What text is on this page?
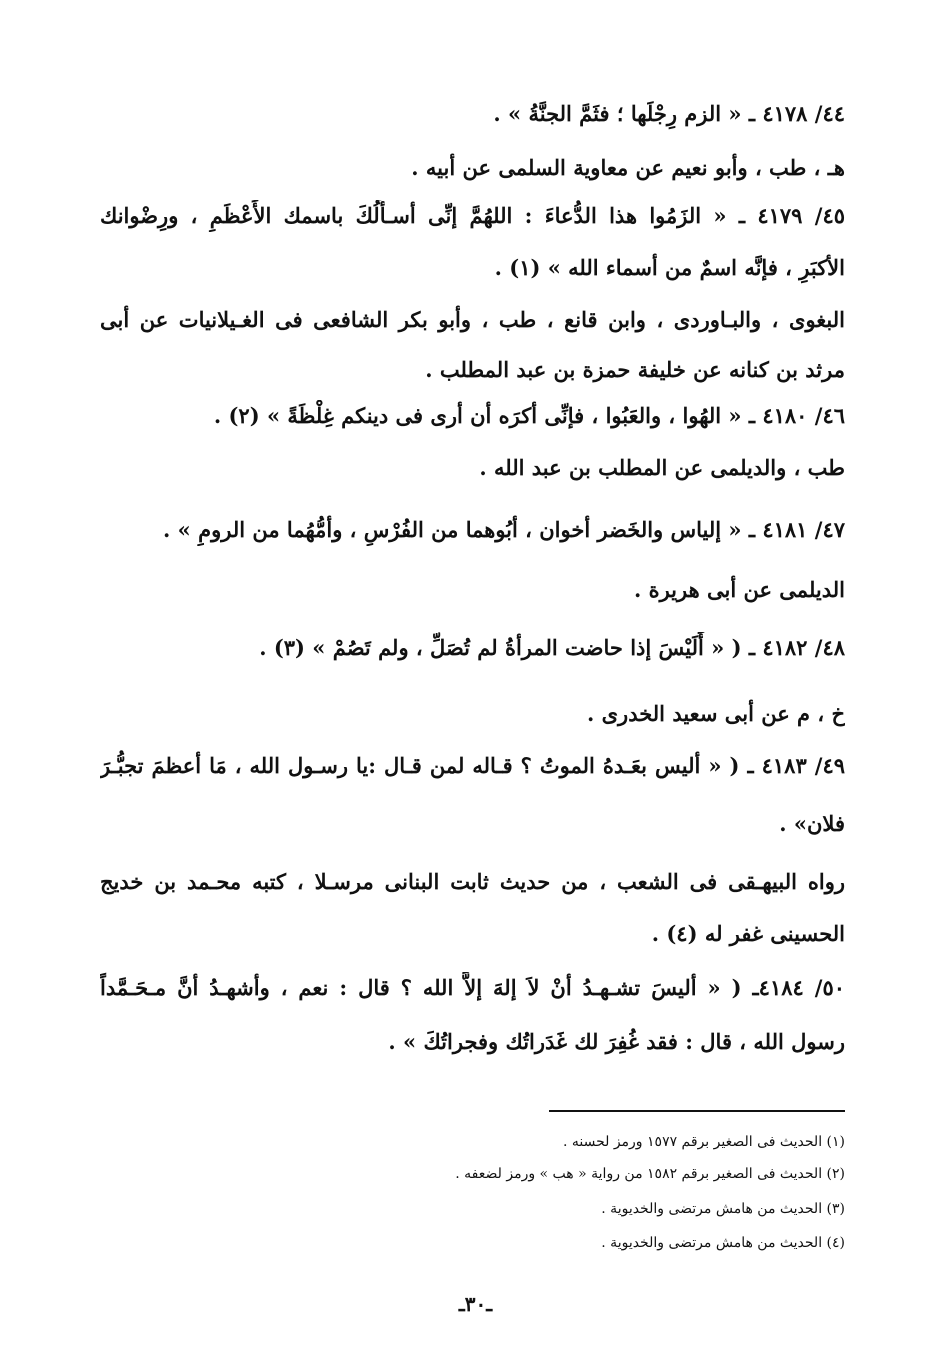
٤٤/ ٤١٧٨ ـ « الزم رِجْلَها ؛ فثَمَّ الجنَّةُ » .
هـ ، طب ، وأبو نعيم عن معاوية السلمى عن أبيه .
٤٥/ ٤١٧٩ ـ « الزَمُوا هذا الدُّعاءَ : اللهُمَّ إنِّى أسـأَلُكَ باسمك الأَعْظَمِ ، ورِضْوانك
الأكبَرِ ، فإنَّه اسمٌ من أسماء الله » (١) .
البغوى ، والبـاوردى ، وابن قانع ، طب ، وأبو بكر الشافعى فى الغـيلانيات عن أبى
مرثد بن كنانه عن خليفة حمزة بن عبد المطلب .
٤٦/ ٤١٨٠ ـ « الهُوا ، والعَبُوا ، فإنِّى أكرَه أن أرى فى دينكم غِلْظَةً » (٢) .
طب ، والديلمى عن المطلب بن عبد الله .
٤٧/ ٤١٨١ ـ « إلياس والخَضر أخوان ، أبُوهما من الفُرْسِ ، وأمُّهُما من الرومِ » .
الديلمى عن أبى هريرة .
٤٨/ ٤١٨٢ ـ ( « أَلَيْسَ إذا حاضت المرأةُ لم تُصَلِّ ، ولم تَصُمْ » (٣) .
خ ، م عن أبى سعيد الخدرى .
٤٩/ ٤١٨٣ ـ ( « أليس بعَـدهُ الموتُ ؟ قـاله لمن قـال :يا رسـول الله ، مَا أعظمَ تجبُّـرَ
فلان» .
رواه البيهـقى فى الشعب ، من حديث ثابت البنانى مرسـلا ، كتبه محـمد بن خديج
الحسينى غفر له (٤) .
٥٠/ ٤١٨٤ـ ( « أليسَ تشـهـدُ أنْ لاَ إلهَ إلاَّ الله ؟ قال : نعم ، وأشهـدُ أنَّ مـحَـمَّداً
رسول الله ، قال : فقد غُفِرَ لك غَدَراتُك وفجراتُكَ » .
(١) الحديث فى الصغير برقم ١٥٧٧ ورمز لحسنه .
(٢) الحديث فى الصغير برقم ١٥٨٢ من رواية « هب » ورمز لضعفه .
(٣) الحديث من هامش مرتضى والخديوية .
(٤) الحديث من هامش مرتضى والخديوية .
ـ٣٠ـ
